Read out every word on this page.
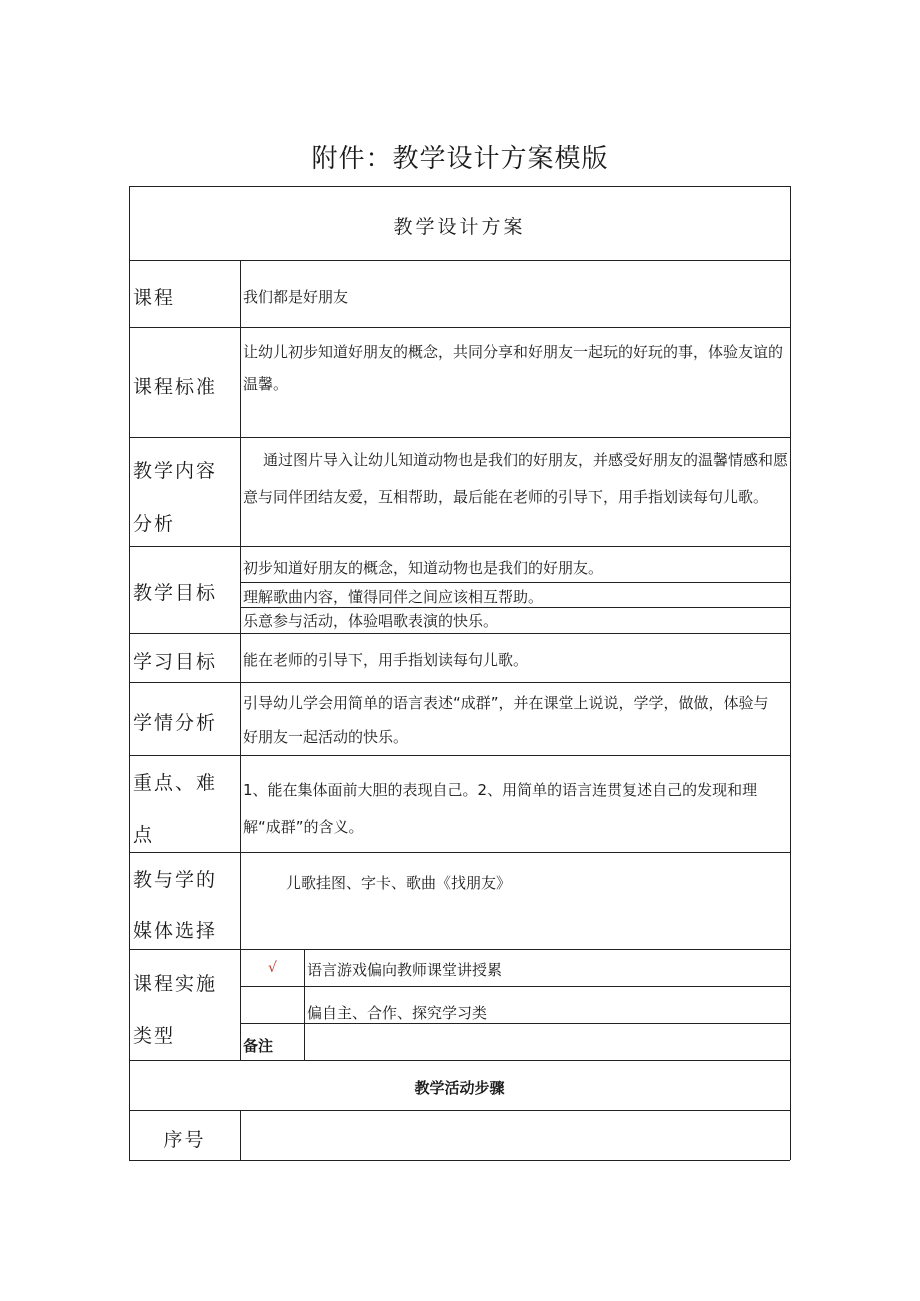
附件：教学设计方案模版
教学设计方案
课程	我们都是好朋友
课程标准
让幼儿初步知道好朋友的概念，共同分享和好朋友一起玩的好玩的事，体验友谊的温馨。
教学内容
分析
通过图片导入让幼儿知道动物也是我们的好朋友，并感受好朋友的温馨情感和愿意与同伴团结友爱，互相帮助，最后能在老师的引导下，用手指划读每句儿歌。
教学目标
初步知道好朋友的概念，知道动物也是我们的好朋友。
理解歌曲内容，懂得同伴之间应该相互帮助。
乐意参与活动，体验唱歌表演的快乐。
学习目标 能在老师的引导下，用手指划读每句儿歌。
学情分析
引导幼儿学会用简单的语言表述“成群”，并在课堂上说说，学学，做做，体验与好朋友一起活动的快乐。
重点、难
点
1、能在集体面前大胆的表现自己。2、用简单的语言连贯复述自己的发现和理解“成群”的含义。
教与学的
媒体选择
儿歌挂图、字卡、歌曲《找朋友》
课程实施
类型
√ 语言游戏偏向教师课堂讲授累
偏自主、合作、探究学习类
备注
教学活动步骤
序号
